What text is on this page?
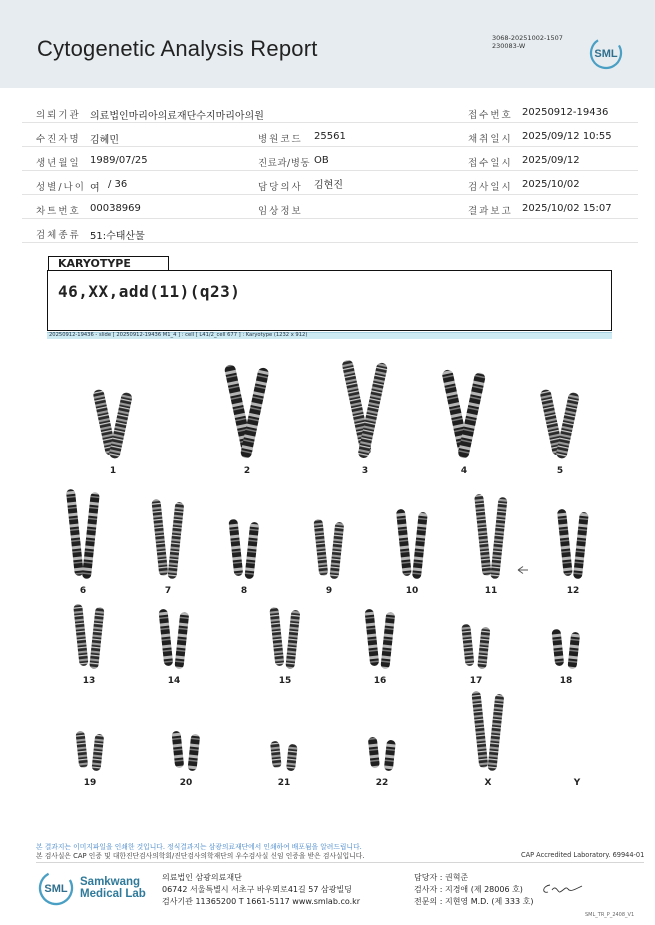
Cytogenetic Analysis Report	3068-20251002-1507
230083-W
SML
의뢰기관 의료법인마리아의료재단수지마리아의원	접수번호 20250912-19436
수진자명 김혜민	병원코드 25561	채취일시 2025/09/12 10:55
생년월일 1989/07/25	진료과/병동 OB	접수일시 2025/09/12
성별/나이 여 / 36	담당의사 김현진	검사일시 2025/10/02
차트번호 00038969	임상정보	결과보고 2025/10/02 15:07
검체종류 51:수태산물
KARYOTYPE
46,XX,add(11)(q23)
20250912-19436 - slide [ 20250912-19436 M1_4 ] : cell [ L41/2_cell 677 ] : Karyotype (1232 x 912)
1	2	3	4	5
6	7	8	9	10	11	12
13	14	15	16	17	18
19	20	21	22	X	Y
본 결과지는 이미지파일을 인쇄한 것입니다. 정식결과지는 삼광의료재단에서 인쇄하여 배포됨을 알려드립니다.
본 검사실은 CAP 인증 및 대한진단검사의학회/진단검사의학재단의 우수검사실 신임 인증을 받은 검사실입니다.	CAP Accredited Laboratory. 69944-01
SML
Samkwang
Medical Lab
의료법인 삼광의료재단
06742 서울특별시 서초구 바우뫼로41길 57 삼광빌딩
검사기관 11365200 T 1661-5117 www.smlab.co.kr
담당자 : 권혁준
검사자 : 지경애 (제 28006 호)
전문의 : 지현영 M.D. (제 333 호)
SML_TR_P_2408_V1
